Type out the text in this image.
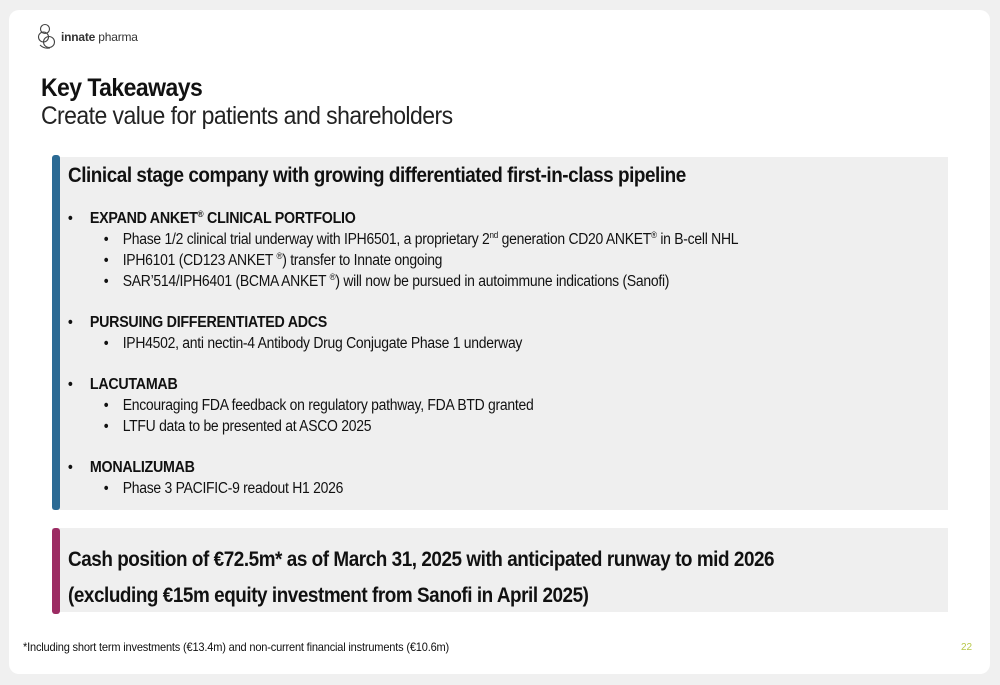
innate pharma
Key Takeaways
Create value for patients and shareholders
Clinical stage company with growing differentiated first-in-class pipeline
• EXPAND ANKET® CLINICAL PORTFOLIO
• Phase 1/2 clinical trial underway with IPH6501, a proprietary 2nd generation CD20 ANKET® in B-cell NHL
• IPH6101 (CD123 ANKET ®) transfer to Innate ongoing
• SAR’514/IPH6401 (BCMA ANKET ®) will now be pursued in autoimmune indications (Sanofi)
• PURSUING DIFFERENTIATED ADCS
• IPH4502, anti nectin-4 Antibody Drug Conjugate Phase 1 underway
• LACUTAMAB
• Encouraging FDA feedback on regulatory pathway, FDA BTD granted
• LTFU data to be presented at ASCO 2025
• MONALIZUMAB
• Phase 3 PACIFIC-9 readout H1 2026
Cash position of €72.5m* as of March 31, 2025 with anticipated runway to mid 2026
(excluding €15m equity investment from Sanofi in April 2025)
*Including short term investments (€13.4m) and non-current financial instruments (€10.6m)	22
